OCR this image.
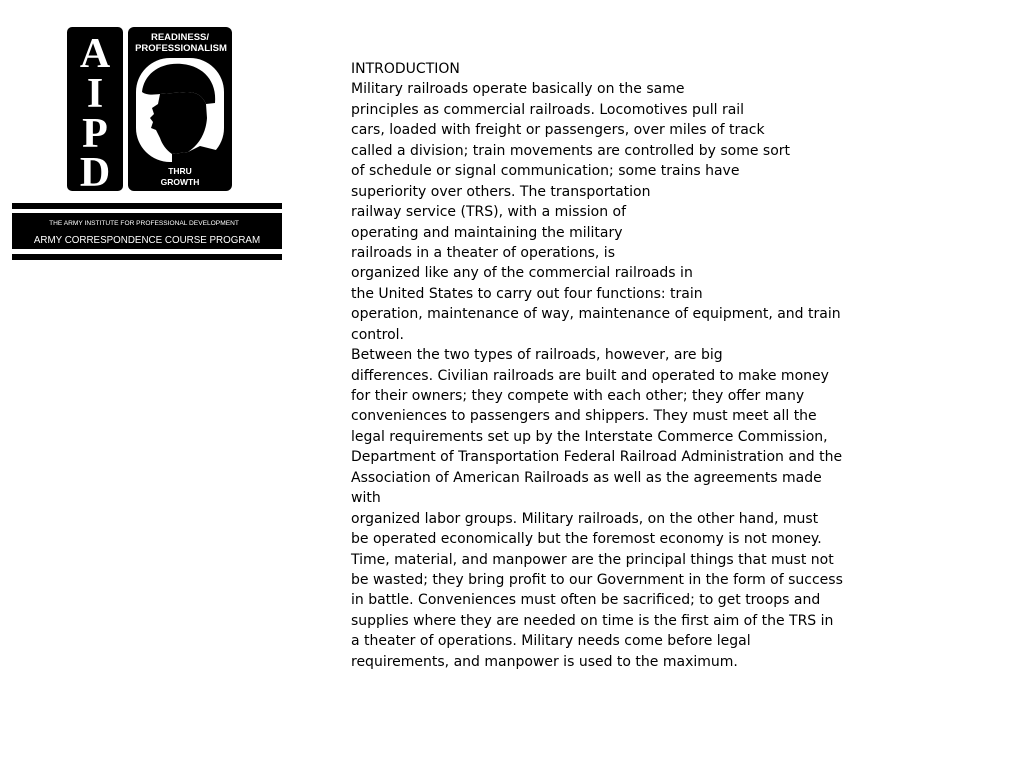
A
I
P
D
READINESS/
PROFESSIONALISM
THRU
GROWTH
THE ARMY INSTITUTE FOR PROFESSIONAL DEVELOPMENT
ARMY CORRESPONDENCE COURSE PROGRAM
INTRODUCTION
Military railroads operate basically on the same
principles as commercial railroads. Locomotives pull rail
cars, loaded with freight or passengers, over miles of track
called a division; train movements are controlled by some sort
of schedule or signal communication; some trains have
superiority over others. The transportation
railway service (TRS), with a mission of
operating and maintaining the military
railroads in a theater of operations, is
organized like any of the commercial railroads in
the United States to carry out four functions: train
operation, maintenance of way, maintenance of equipment, and train
control.
Between the two types of railroads, however, are big
differences. Civilian railroads are built and operated to make money
for their owners; they compete with each other; they offer many
conveniences to passengers and shippers. They must meet all the
legal requirements set up by the Interstate Commerce Commission,
Department of Transportation Federal Railroad Administration and the
Association of American Railroads as well as the agreements made
with
organized labor groups. Military railroads, on the other hand, must
be operated economically but the foremost economy is not money.
Time, material, and manpower are the principal things that must not
be wasted; they bring profit to our Government in the form of success
in battle. Conveniences must often be sacrificed; to get troops and
supplies where they are needed on time is the first aim of the TRS in
a theater of operations. Military needs come before legal
requirements, and manpower is used to the maximum.
